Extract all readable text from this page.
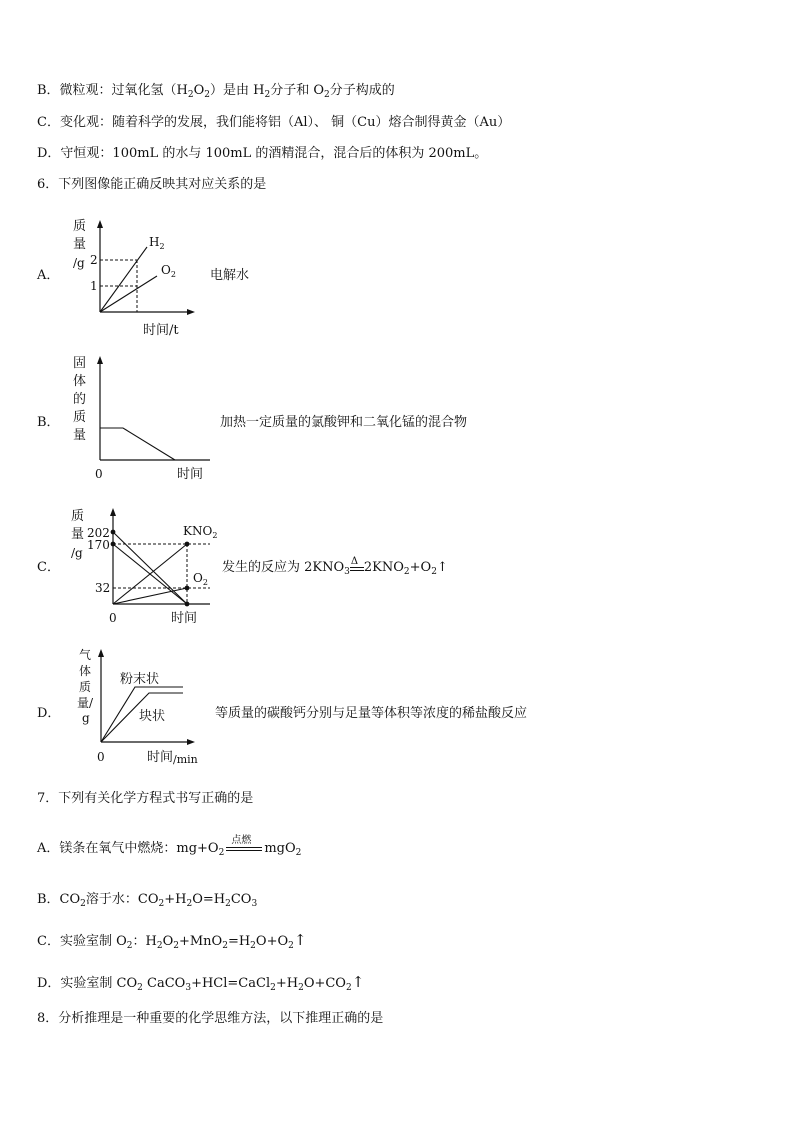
B．微粒观：过氧化氢$(H_2O_2)$是由 $H_2$分子和 $O_2$分子构成的
C．变化观：随着科学的发展，我们能将铝（Al）、 铜（Cu）熔合制得黄金（Au）
D．守恒观：100mL 的水与 100mL 的酒精混合，混合后的体积为 200mL。
6．下列图像能正确反映其对应关系的是
A．
质
量
/g 2
1
$H_2$
$O_2$
时间/t
电解水
B．
固
体
的
质
量
0	时间
加热一定质量的氯酸钾和二氧化锰的混合物
C．
质
量
/g
202
170
32
$KNO_2$
$O_2$
0	时间
发生的反应为 $2KNO_3$
Δ $2KNO_2+O_2↑$
D．
气
体
质
量/
g
粉末状
块状
0	时间/min
等质量的碳酸钙分别与足量等体积等浓度的稀盐酸反应
7．下列有关化学方程式书写正确的是
A．镁条在氧气中燃烧：$mg+O_2$
点燃
mgO$_2$
B．$CO_2$溶于水：$CO_2+H_2O=H_2CO_3$
C．实验室制 $O_2$：$H_2O_2+MnO_2=H_2O+O_2↑$
D．实验室制 $CO_2$ $CaCO_3+HCl=CaCl_2+H_2O+CO_2↑$
8．分析推理是一种重要的化学思维方法，以下推理正确的是
